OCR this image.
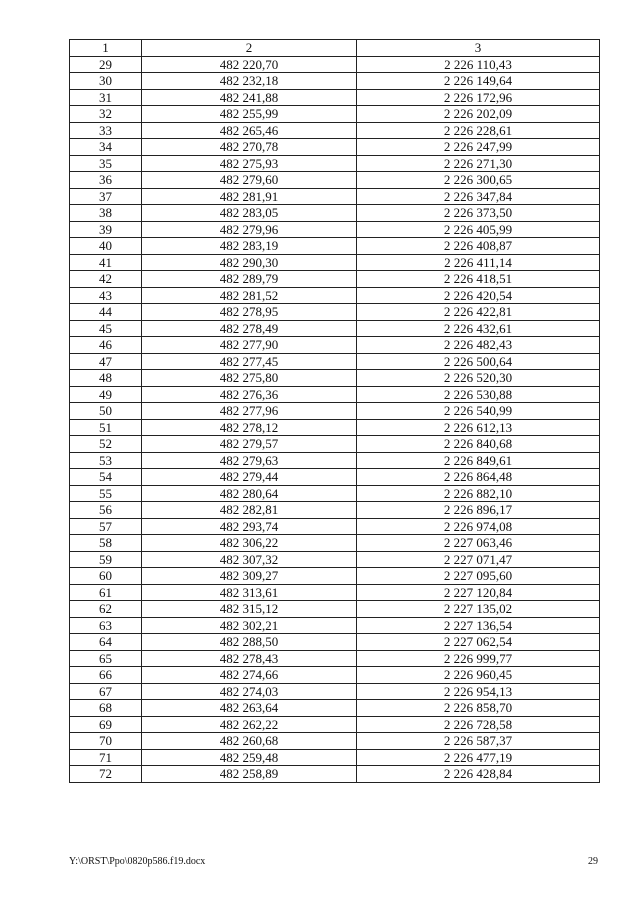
1	2	3
29	482 220,70	2 226 110,43
30	482 232,18	2 226 149,64
31	482 241,88	2 226 172,96
32	482 255,99	2 226 202,09
33	482 265,46	2 226 228,61
34	482 270,78	2 226 247,99
35	482 275,93	2 226 271,30
36	482 279,60	2 226 300,65
37	482 281,91	2 226 347,84
38	482 283,05	2 226 373,50
39	482 279,96	2 226 405,99
40	482 283,19	2 226 408,87
41	482 290,30	2 226 411,14
42	482 289,79	2 226 418,51
43	482 281,52	2 226 420,54
44	482 278,95	2 226 422,81
45	482 278,49	2 226 432,61
46	482 277,90	2 226 482,43
47	482 277,45	2 226 500,64
48	482 275,80	2 226 520,30
49	482 276,36	2 226 530,88
50	482 277,96	2 226 540,99
51	482 278,12	2 226 612,13
52	482 279,57	2 226 840,68
53	482 279,63	2 226 849,61
54	482 279,44	2 226 864,48
55	482 280,64	2 226 882,10
56	482 282,81	2 226 896,17
57	482 293,74	2 226 974,08
58	482 306,22	2 227 063,46
59	482 307,32	2 227 071,47
60	482 309,27	2 227 095,60
61	482 313,61	2 227 120,84
62	482 315,12	2 227 135,02
63	482 302,21	2 227 136,54
64	482 288,50	2 227 062,54
65	482 278,43	2 226 999,77
66	482 274,66	2 226 960,45
67	482 274,03	2 226 954,13
68	482 263,64	2 226 858,70
69	482 262,22	2 226 728,58
70	482 260,68	2 226 587,37
71	482 259,48	2 226 477,19
72	482 258,89	2 226 428,84
Y:\ORST\Ppo\0820p586.f19.docx	29
